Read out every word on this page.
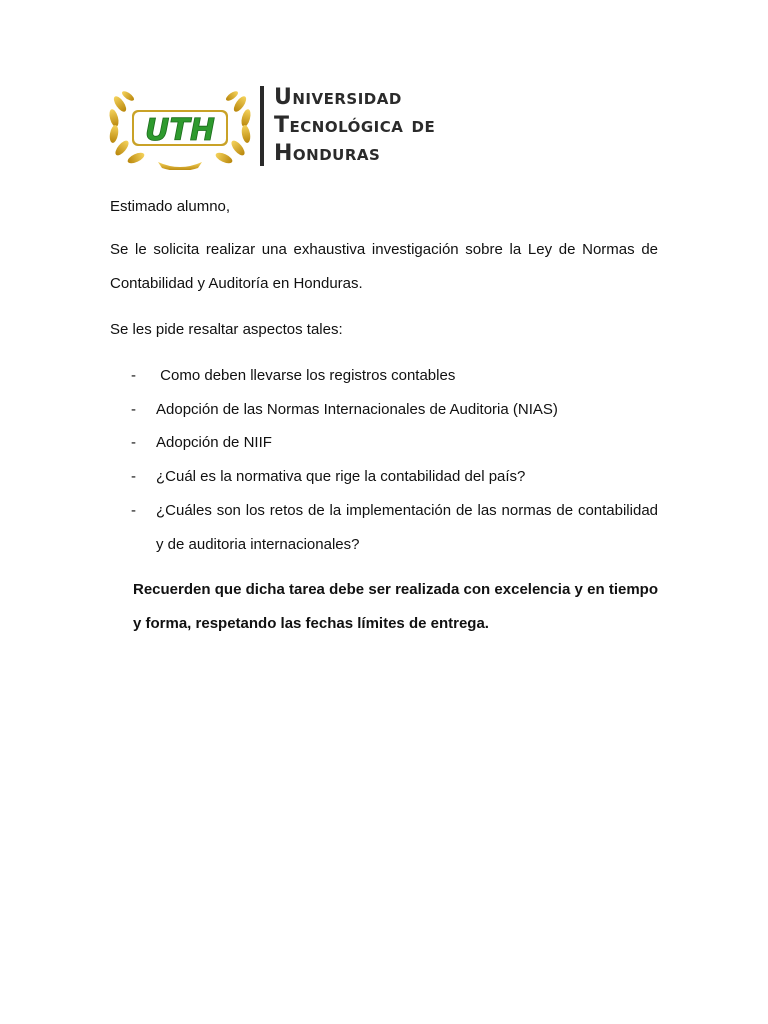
UTH
Universidad
Tecnológica de
Honduras
Estimado alumno,
Se le solicita realizar una exhaustiva investigación sobre la Ley de Normas de Contabilidad y Auditoría en Honduras.
Se les pide resaltar aspectos tales:
- Como deben llevarse los registros contables
- Adopción de las Normas Internacionales de Auditoria (NIAS)
- Adopción de NIIF
- ¿Cuál es la normativa que rige la contabilidad del país?
- ¿Cuáles son los retos de la implementación de las normas de contabilidad y de auditoria internacionales?
Recuerden que dicha tarea debe ser realizada con excelencia y en tiempo y forma, respetando las fechas límites de entrega.
